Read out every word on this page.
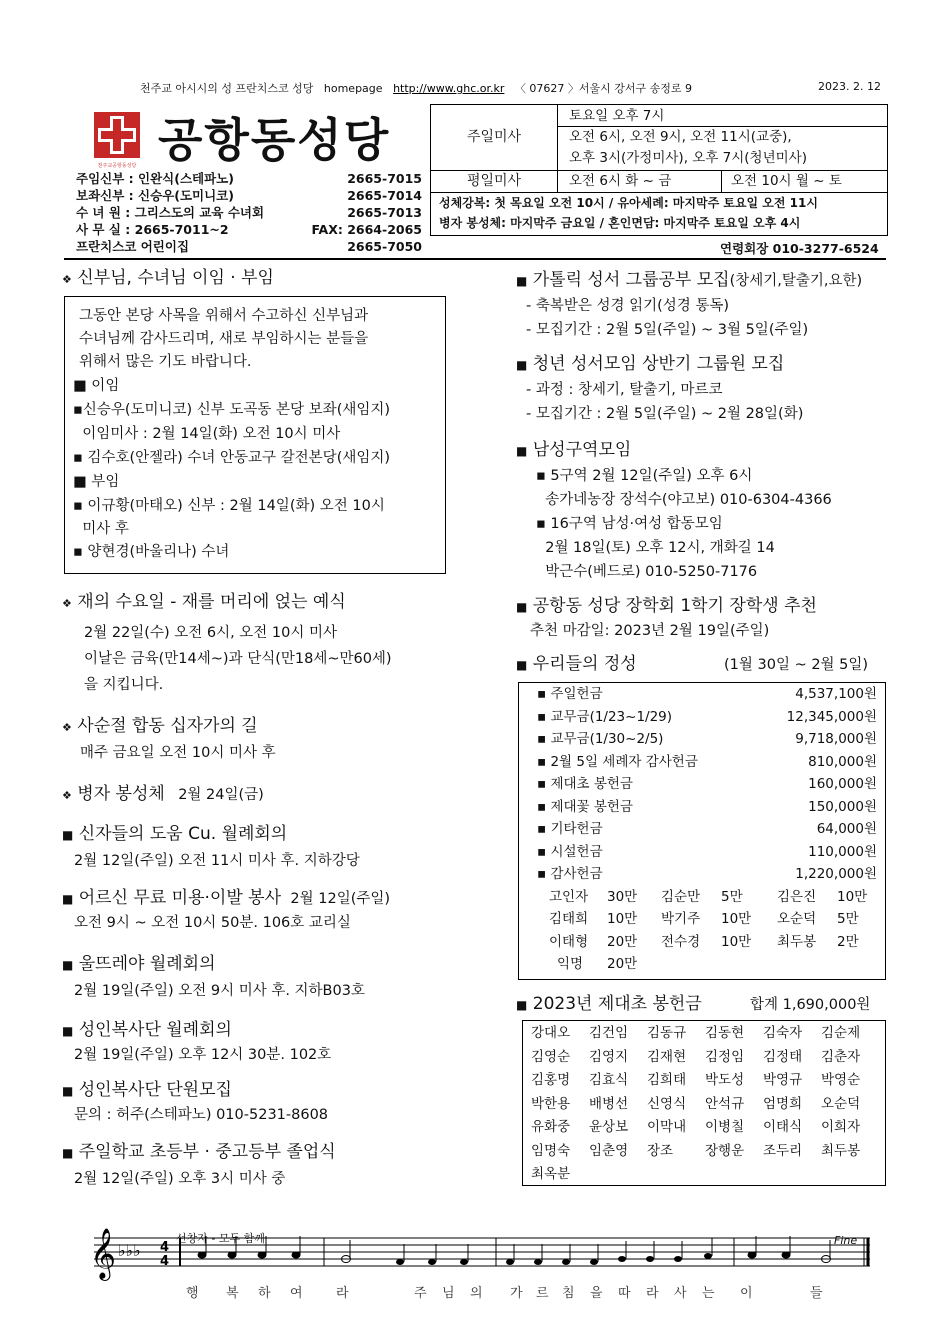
천주교 아시시의 성 프란치스코 성당 homepage http://www.ghc.or.kr 〈 07627 〉서울시 강서구 송정로 9	2023. 2. 12
천주교공항동성당 공항동성당
주임신부 : 인완식(스테파노)	2665-7015
보좌신부 : 신승우(도미니코)	2665-7014
수 녀 원 : 그리스도의 교육 수녀회	2665-7013
사 무 실 : 2665-7011~2	FAX: 2664-2065
프란치스코 어린이집	2665-7050
주일미사
토요일 오후 7시
오전 6시, 오전 9시, 오전 11시(교중),
오후 3시(가정미사), 오후 7시(청년미사)
평일미사	오전 6시 화 ~ 금	오전 10시 월 ~ 토
성체강복: 첫 목요일 오전 10시 / 유아세례: 마지막주 토요일 오전 11시
병자 봉성체: 마지막주 금요일 / 혼인면담: 마지막주 토요일 오후 4시
연령회장 010-3277-6524
❖ 신부님, 수녀님 이임 · 부임
그동안 본당 사목을 위해서 수고하신 신부님과
수녀님께 감사드리며, 새로 부임하시는 분들을
위해서 많은 기도 바랍니다.
■ 이임
▪신승우(도미니코) 신부 도곡동 본당 보좌(새임지)
이임미사 : 2월 14일(화) 오전 10시 미사
▪ 김수호(안젤라) 수녀 안동교구 갈전본당(새임지)
■ 부임
▪ 이규황(마태오) 신부 : 2월 14일(화) 오전 10시
미사 후
▪ 양현경(바울리나) 수녀
❖ 재의 수요일 - 재를 머리에 얹는 예식
2월 22일(수) 오전 6시, 오전 10시 미사
이날은 금육(만14세~)과 단식(만18세~만60세)
을 지킵니다.
❖ 사순절 합동 십자가의 길
매주 금요일 오전 10시 미사 후
❖ 병자 봉성체 2월 24일(금)
■ 신자들의 도움 Cu. 월례회의
2월 12일(주일) 오전 11시 미사 후. 지하강당
■ 어르신 무료 미용·이발 봉사 2월 12일(주일)
오전 9시 ~ 오전 10시 50분. 106호 교리실
■ 울뜨레야 월례회의
2월 19일(주일) 오전 9시 미사 후. 지하B03호
■ 성인복사단 월례회의
2월 19일(주일) 오후 12시 30분. 102호
■ 성인복사단 단원모집
문의 : 허주(스테파노) 010-5231-8608
■ 주일학교 초등부 · 중고등부 졸업식
2월 12일(주일) 오후 3시 미사 중
■ 가톨릭 성서 그룹공부 모집(창세기,탈출기,요한)
- 축복받은 성경 읽기(성경 통독)
- 모집기간 : 2월 5일(주일) ~ 3월 5일(주일)
■ 청년 성서모임 상반기 그룹원 모집
- 과정 : 창세기, 탈출기, 마르코
- 모집기간 : 2월 5일(주일) ~ 2월 28일(화)
■ 남성구역모임
▪ 5구역 2월 12일(주일) 오후 6시
송가네농장 장석수(야고보) 010-6304-4366
▪ 16구역 남성·여성 합동모임
2월 18일(토) 오후 12시, 개화길 14
박근수(베드로) 010-5250-7176
■ 공항동 성당 장학회 1학기 장학생 추천
추천 마감일: 2023년 2월 19일(주일)
■ 우리들의 정성	(1월 30일 ~ 2월 5일)
▪ 주일헌금	4,537,100원
▪ 교무금(1/23~1/29)	12,345,000원
▪ 교무금(1/30~2/5)	9,718,000원
▪ 2월 5일 세례자 감사헌금	810,000원
▪ 제대초 봉헌금	160,000원
▪ 제대꽃 봉헌금	150,000원
▪ 기타헌금	64,000원
▪ 시설헌금	110,000원
▪ 감사헌금	1,220,000원
고인자	30만	김순만	5만	김은진	10만
김태희	10만	박기주	10만	오순덕	5만
이태형	20만	전수경	10만	최두봉	2만
익명	20만
■ 2023년 제대초 봉헌금	합계 1,690,000원
강대오	김건임	김동규	김동현	김숙자	김순제
김영순	김영지	김재현	김정임	김정태	김춘자
김홍명	김효식	김희태	박도성	박영규	박영순
박한용	배병선	신영식	안석규	엄명희	오순덕
유화중	윤상보	이막내	이병칠	이태식	이희자
임명숙	임춘영	장조	장행운	조두리	최두봉
최옥분
𝄞 ♭♭♭ 4
4
선창자 - 모두 함께	Fine
행 복 하 여	라	주 님 의 가 르 침 을 따 라 사 는 이	들
